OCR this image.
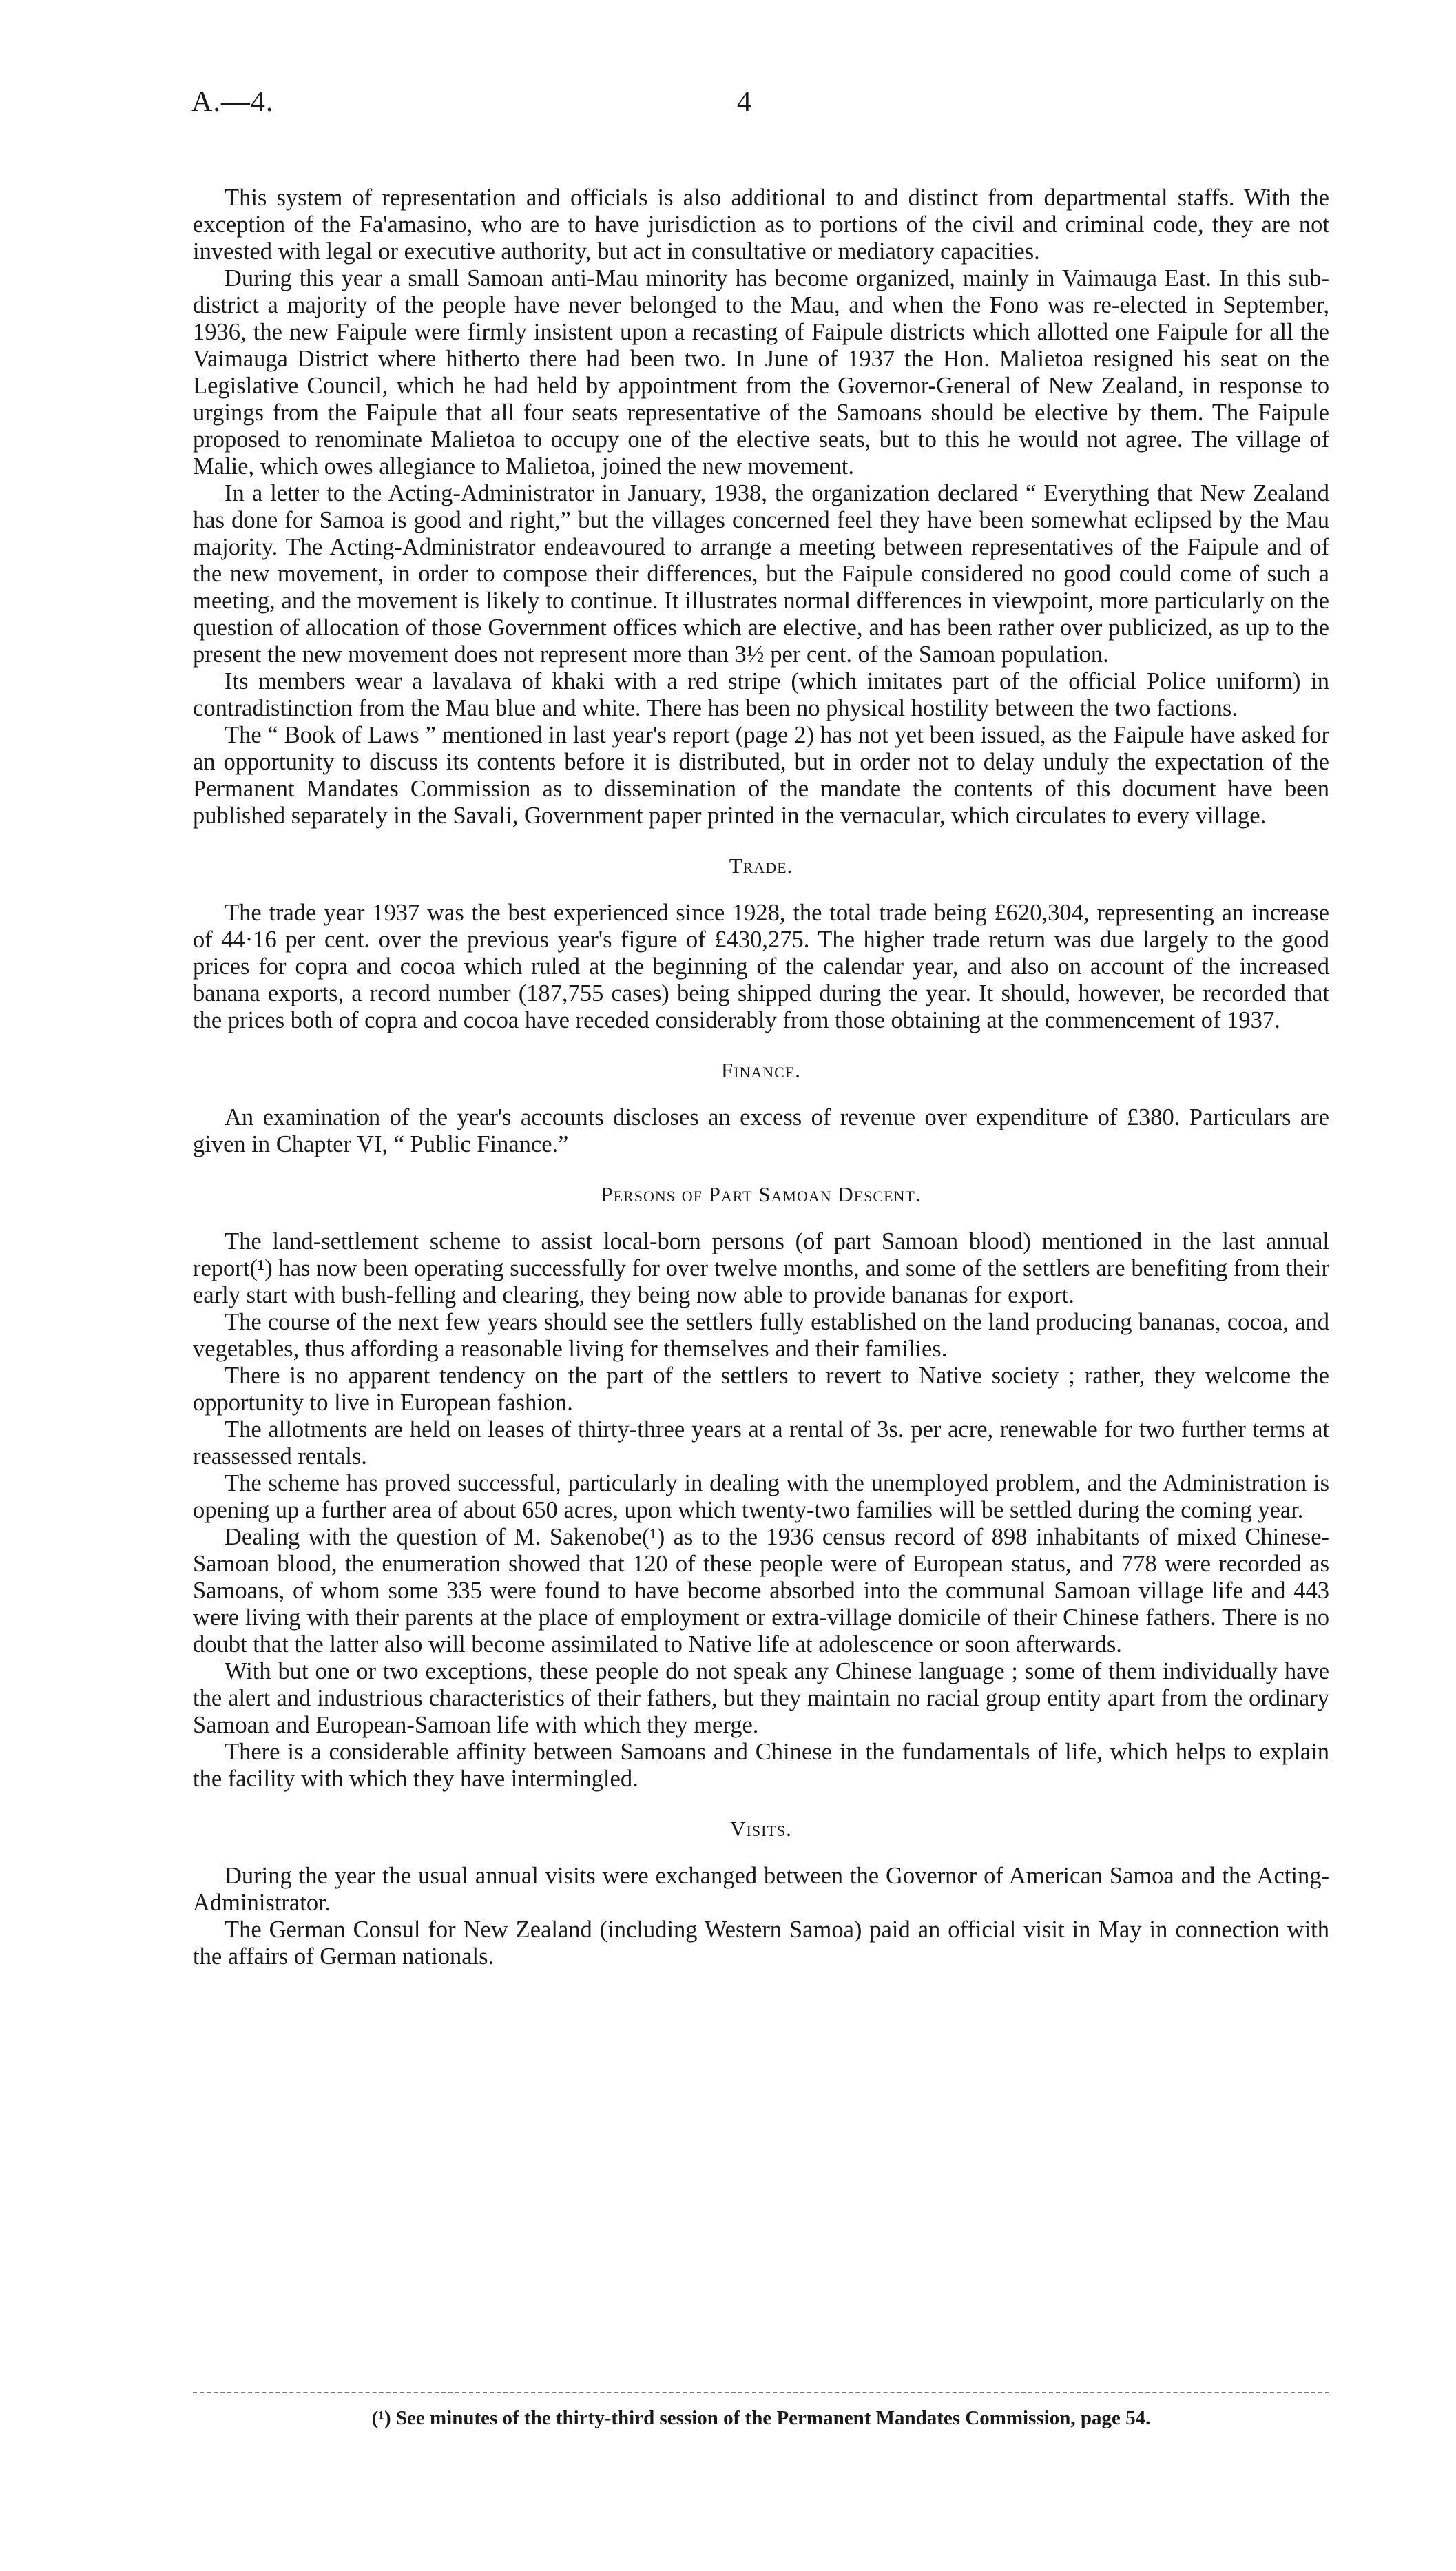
A.—4.	4

This system of representation and officials is also additional to and distinct from departmental staffs. With the exception of the Fa'amasino, who are to have jurisdiction as to portions of the civil and criminal code, they are not invested with legal or executive authority, but act in consultative or mediatory capacities.

During this year a small Samoan anti-Mau minority has become organized, mainly in Vaimauga East. In this sub-district a majority of the people have never belonged to the Mau, and when the Fono was re-elected in September, 1936, the new Faipule were firmly insistent upon a recasting of Faipule districts which allotted one Faipule for all the Vaimauga District where hitherto there had been two. In June of 1937 the Hon. Malietoa resigned his seat on the Legislative Council, which he had held by appointment from the Governor-General of New Zealand, in response to urgings from the Faipule that all four seats representative of the Samoans should be elective by them. The Faipule proposed to renominate Malietoa to occupy one of the elective seats, but to this he would not agree. The village of Malie, which owes allegiance to Malietoa, joined the new movement.

In a letter to the Acting-Administrator in January, 1938, the organization declared “ Everything that New Zealand has done for Samoa is good and right,” but the villages concerned feel they have been somewhat eclipsed by the Mau majority. The Acting-Administrator endeavoured to arrange a meeting between representatives of the Faipule and of the new movement, in order to compose their differences, but the Faipule considered no good could come of such a meeting, and the movement is likely to continue. It illustrates normal differences in viewpoint, more particularly on the question of allocation of those Government offices which are elective, and has been rather over publicized, as up to the present the new movement does not represent more than 3½ per cent. of the Samoan population.

Its members wear a lavalava of khaki with a red stripe (which imitates part of the official Police uniform) in contradistinction from the Mau blue and white. There has been no physical hostility between the two factions.

The “ Book of Laws ” mentioned in last year's report (page 2) has not yet been issued, as the Faipule have asked for an opportunity to discuss its contents before it is distributed, but in order not to delay unduly the expectation of the Permanent Mandates Commission as to dissemination of the mandate the contents of this document have been published separately in the Savali, Government paper printed in the vernacular, which circulates to every village.

Trade.

The trade year 1937 was the best experienced since 1928, the total trade being £620,304, representing an increase of 44·16 per cent. over the previous year's figure of £430,275. The higher trade return was due largely to the good prices for copra and cocoa which ruled at the beginning of the calendar year, and also on account of the increased banana exports, a record number (187,755 cases) being shipped during the year. It should, however, be recorded that the prices both of copra and cocoa have receded considerably from those obtaining at the commencement of 1937.

Finance.

An examination of the year's accounts discloses an excess of revenue over expenditure of £380. Particulars are given in Chapter VI, “ Public Finance.”

Persons of Part Samoan Descent.

The land-settlement scheme to assist local-born persons (of part Samoan blood) mentioned in the last annual report(¹) has now been operating successfully for over twelve months, and some of the settlers are benefiting from their early start with bush-felling and clearing, they being now able to provide bananas for export.

The course of the next few years should see the settlers fully established on the land producing bananas, cocoa, and vegetables, thus affording a reasonable living for themselves and their families.

There is no apparent tendency on the part of the settlers to revert to Native society ; rather, they welcome the opportunity to live in European fashion.

The allotments are held on leases of thirty-three years at a rental of 3s. per acre, renewable for two further terms at reassessed rentals.

The scheme has proved successful, particularly in dealing with the unemployed problem, and the Administration is opening up a further area of about 650 acres, upon which twenty-two families will be settled during the coming year.

Dealing with the question of M. Sakenobe(¹) as to the 1936 census record of 898 inhabitants of mixed Chinese-Samoan blood, the enumeration showed that 120 of these people were of European status, and 778 were recorded as Samoans, of whom some 335 were found to have become absorbed into the communal Samoan village life and 443 were living with their parents at the place of employment or extra-village domicile of their Chinese fathers. There is no doubt that the latter also will become assimilated to Native life at adolescence or soon afterwards.

With but one or two exceptions, these people do not speak any Chinese language ; some of them individually have the alert and industrious characteristics of their fathers, but they maintain no racial group entity apart from the ordinary Samoan and European-Samoan life with which they merge.

There is a considerable affinity between Samoans and Chinese in the fundamentals of life, which helps to explain the facility with which they have intermingled.

Visits.

During the year the usual annual visits were exchanged between the Governor of American Samoa and the Acting-Administrator.

The German Consul for New Zealand (including Western Samoa) paid an official visit in May in connection with the affairs of German nationals.

(¹) See minutes of the thirty-third session of the Permanent Mandates Commission, page 54.
